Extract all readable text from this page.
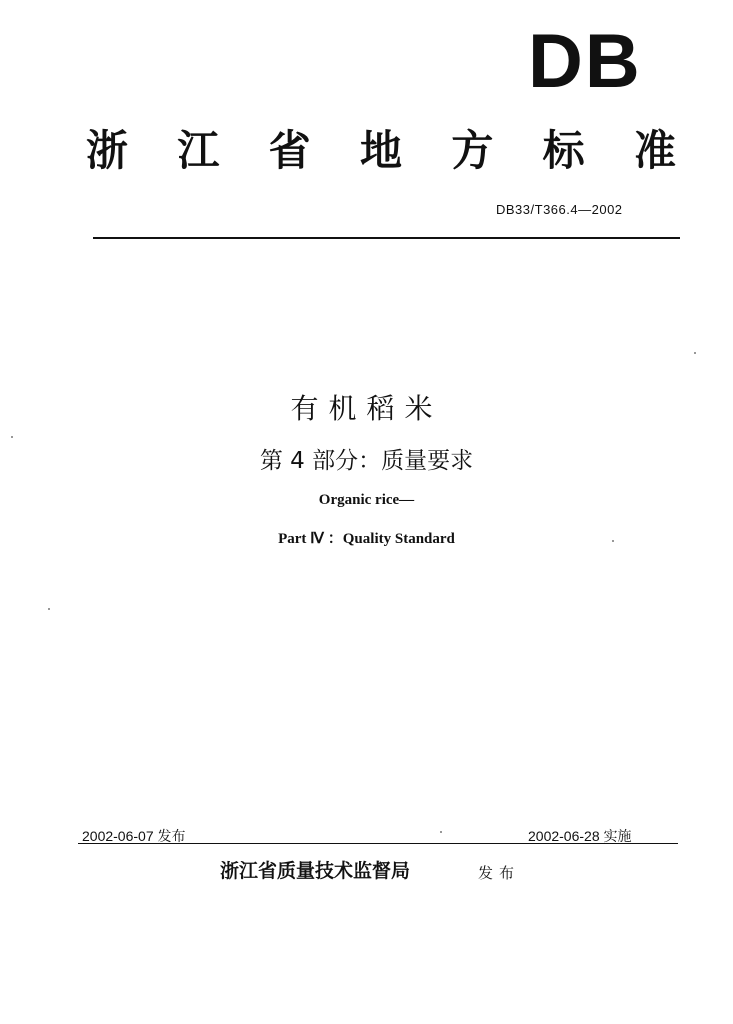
DB
浙 江 省 地 方 标 准
DB33/T366.4—2002
有机稻米
第 4 部分：质量要求
Organic rice—
Part Ⅳ ：Quality Standard
2002-06-07 发布	2002-06-28 实施
浙江省质量技术监督局	发布
